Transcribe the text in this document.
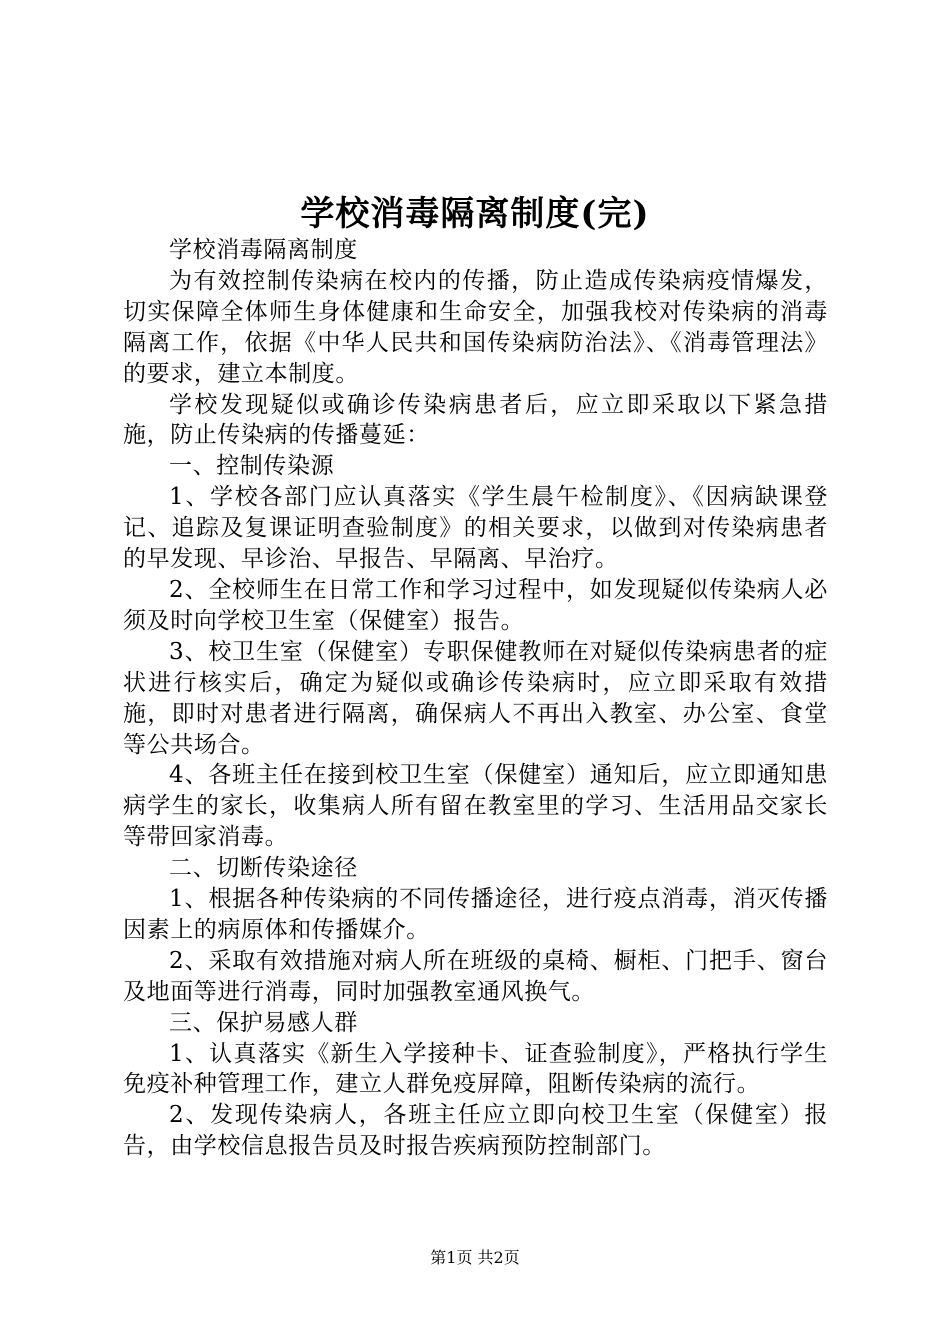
学校消毒隔离制度(完)

学校消毒隔离制度

为有效控制传染病在校内的传播，防止造成传染病疫情爆发，切实保障全体师生身体健康和生命安全，加强我校对传染病的消毒隔离工作，依据《中华人民共和国传染病防治法》、《消毒管理法》的要求，建立本制度。

学校发现疑似或确诊传染病患者后，应立即采取以下紧急措施，防止传染病的传播蔓延：

一、控制传染源

1、学校各部门应认真落实《学生晨午检制度》、《因病缺课登记、追踪及复课证明查验制度》的相关要求，以做到对传染病患者的早发现、早诊治、早报告、早隔离、早治疗。

2、全校师生在日常工作和学习过程中，如发现疑似传染病人必须及时向学校卫生室（保健室）报告。

3、校卫生室（保健室）专职保健教师在对疑似传染病患者的症状进行核实后，确定为疑似或确诊传染病时，应立即采取有效措施，即时对患者进行隔离，确保病人不再出入教室、办公室、食堂等公共场合。

4、各班主任在接到校卫生室（保健室）通知后，应立即通知患病学生的家长，收集病人所有留在教室里的学习、生活用品交家长等带回家消毒。

二、切断传染途径

1、根据各种传染病的不同传播途径，进行疫点消毒，消灭传播因素上的病原体和传播媒介。

2、采取有效措施对病人所在班级的桌椅、橱柜、门把手、窗台及地面等进行消毒，同时加强教室通风换气。

三、保护易感人群

1、认真落实《新生入学接种卡、证查验制度》，严格执行学生免疫补种管理工作，建立人群免疫屏障，阻断传染病的流行。

2、发现传染病人，各班主任应立即向校卫生室（保健室）报告，由学校信息报告员及时报告疾病预防控制部门。

第1页 共2页
